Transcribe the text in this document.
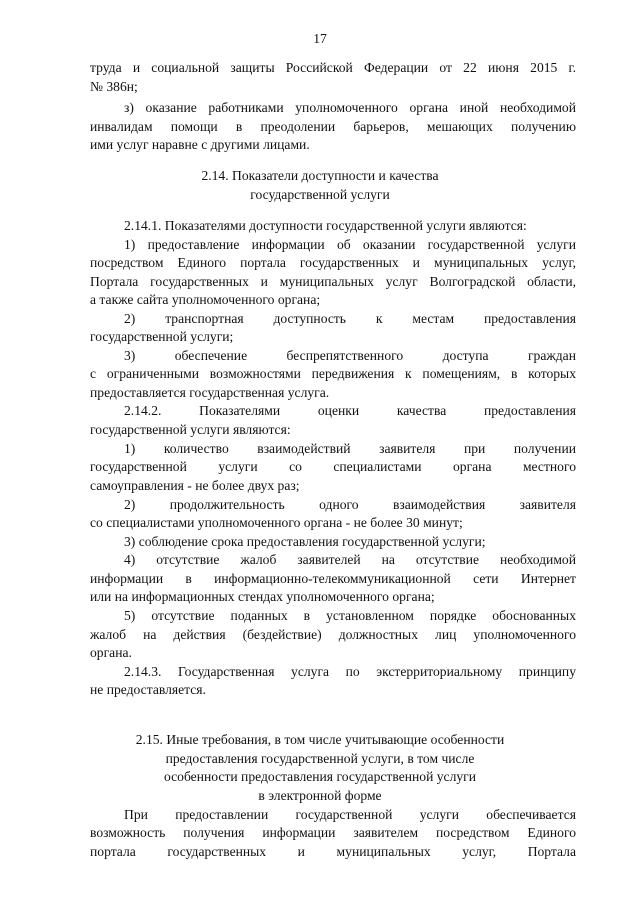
17
труда и социальной защиты Российской Федерации от 22 июня 2015 г.
№ 386н;
з) оказание работниками уполномоченного органа иной необходимой
инвалидам помощи в преодолении барьеров, мешающих получению
ими услуг наравне с другими лицами.
2.14. Показатели доступности и качества
государственной услуги
2.14.1. Показателями доступности государственной услуги являются:
1) предоставление информации об оказании государственной услуги
посредством Единого портала государственных и муниципальных услуг,
Портала государственных и муниципальных услуг Волгоградской области,
а также сайта уполномоченного органа;
2) транспортная доступность к местам предоставления
государственной услуги;
3) обеспечение беспрепятственного доступа граждан
с ограниченными возможностями передвижения к помещениям, в которых
предоставляется государственная услуга.
2.14.2. Показателями оценки качества предоставления
государственной услуги являются:
1) количество взаимодействий заявителя при получении
государственной услуги со специалистами органа местного
самоуправления - не более двух раз;
2) продолжительность одного взаимодействия заявителя
со специалистами уполномоченного органа - не более 30 минут;
3) соблюдение срока предоставления государственной услуги;
4) отсутствие жалоб заявителей на отсутствие необходимой
информации в информационно-телекоммуникационной сети Интернет
или на информационных стендах уполномоченного органа;
5) отсутствие поданных в установленном порядке обоснованных
жалоб на действия (бездействие) должностных лиц уполномоченного
органа.
2.14.3. Государственная услуга по экстерриториальному принципу
не предоставляется.
2.15. Иные требования, в том числе учитывающие особенности
предоставления государственной услуги, в том числе
особенности предоставления государственной услуги
в электронной форме
При предоставлении государственной услуги обеспечивается
возможность получения информации заявителем посредством Единого
портала государственных и муниципальных услуг, Портала
